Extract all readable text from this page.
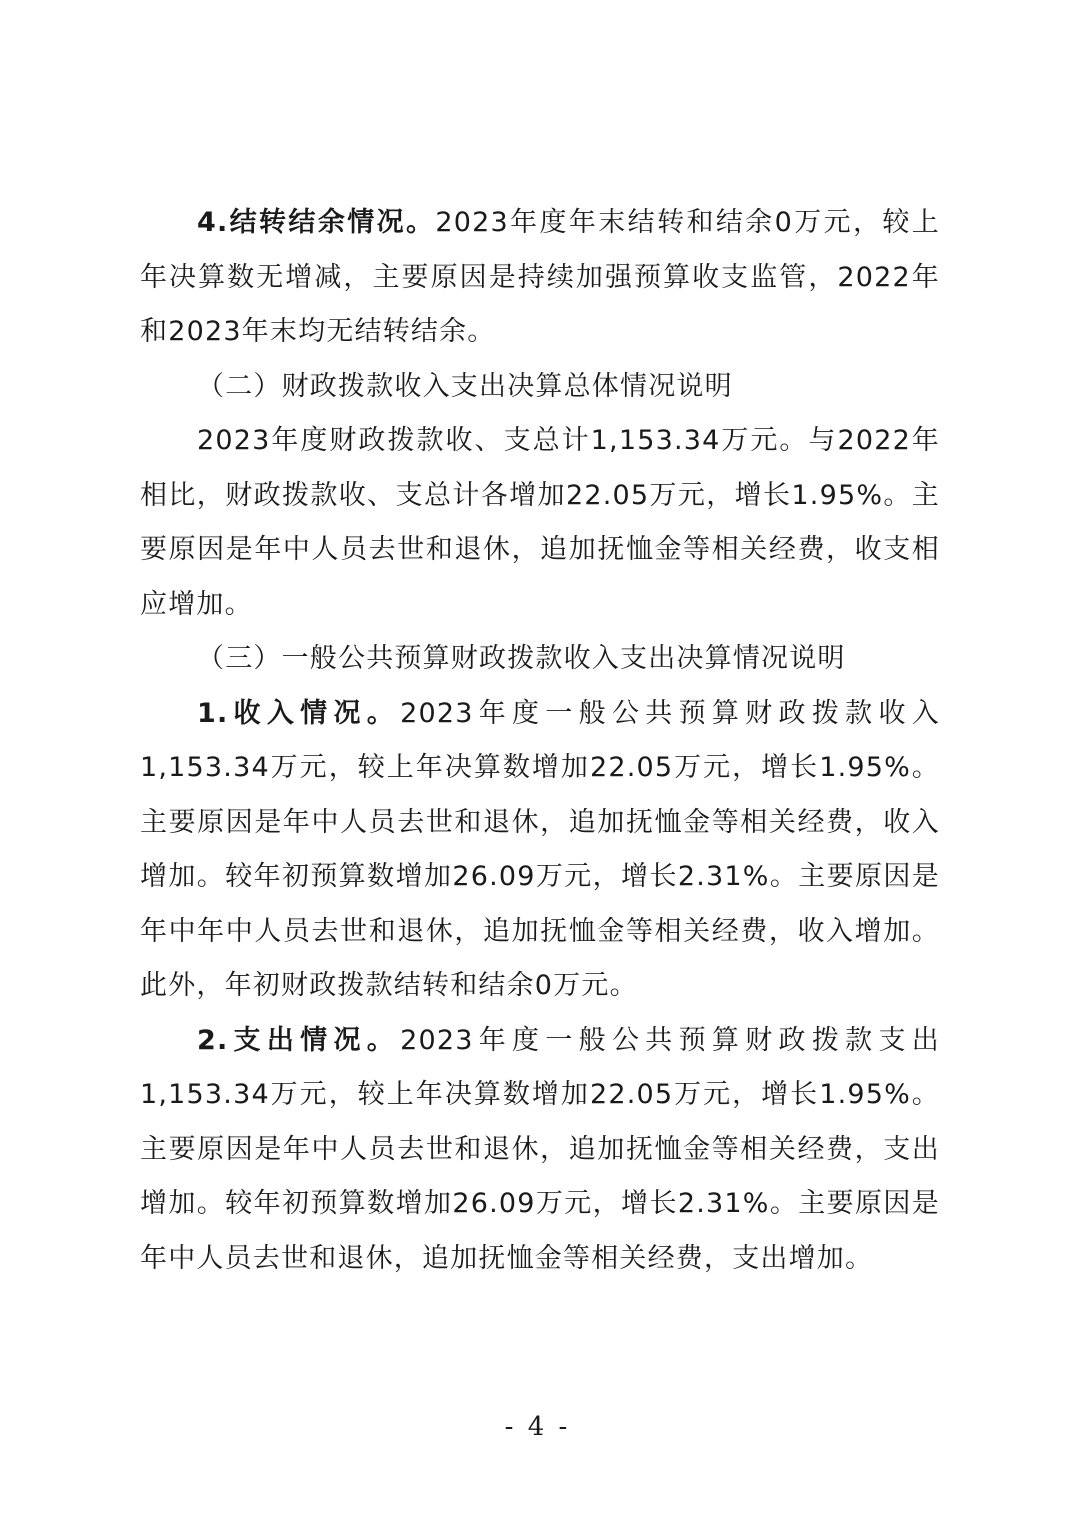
4.结转结余情况。2023年度年末结转和结余0万元，较上年决算数无增减，主要原因是持续加强预算收支监管，2022年和2023年末均无结转结余。

（二）财政拨款收入支出决算总体情况说明

2023年度财政拨款收、支总计1,153.34万元。与2022年相比，财政拨款收、支总计各增加22.05万元，增长1.95%。主要原因是年中人员去世和退休，追加抚恤金等相关经费，收支相应增加。

（三）一般公共预算财政拨款收入支出决算情况说明

1.收入情况。2023年度一般公共预算财政拨款收入1,153.34万元，较上年决算数增加22.05万元，增长1.95%。主要原因是年中人员去世和退休，追加抚恤金等相关经费，收入增加。较年初预算数增加26.09万元，增长2.31%。主要原因是年中年中人员去世和退休，追加抚恤金等相关经费，收入增加。此外，年初财政拨款结转和结余0万元。

2.支出情况。2023年度一般公共预算财政拨款支出1,153.34万元，较上年决算数增加22.05万元，增长1.95%。主要原因是年中人员去世和退休，追加抚恤金等相关经费，支出增加。较年初预算数增加26.09万元，增长2.31%。主要原因是年中人员去世和退休，追加抚恤金等相关经费，支出增加。

- 4 -
